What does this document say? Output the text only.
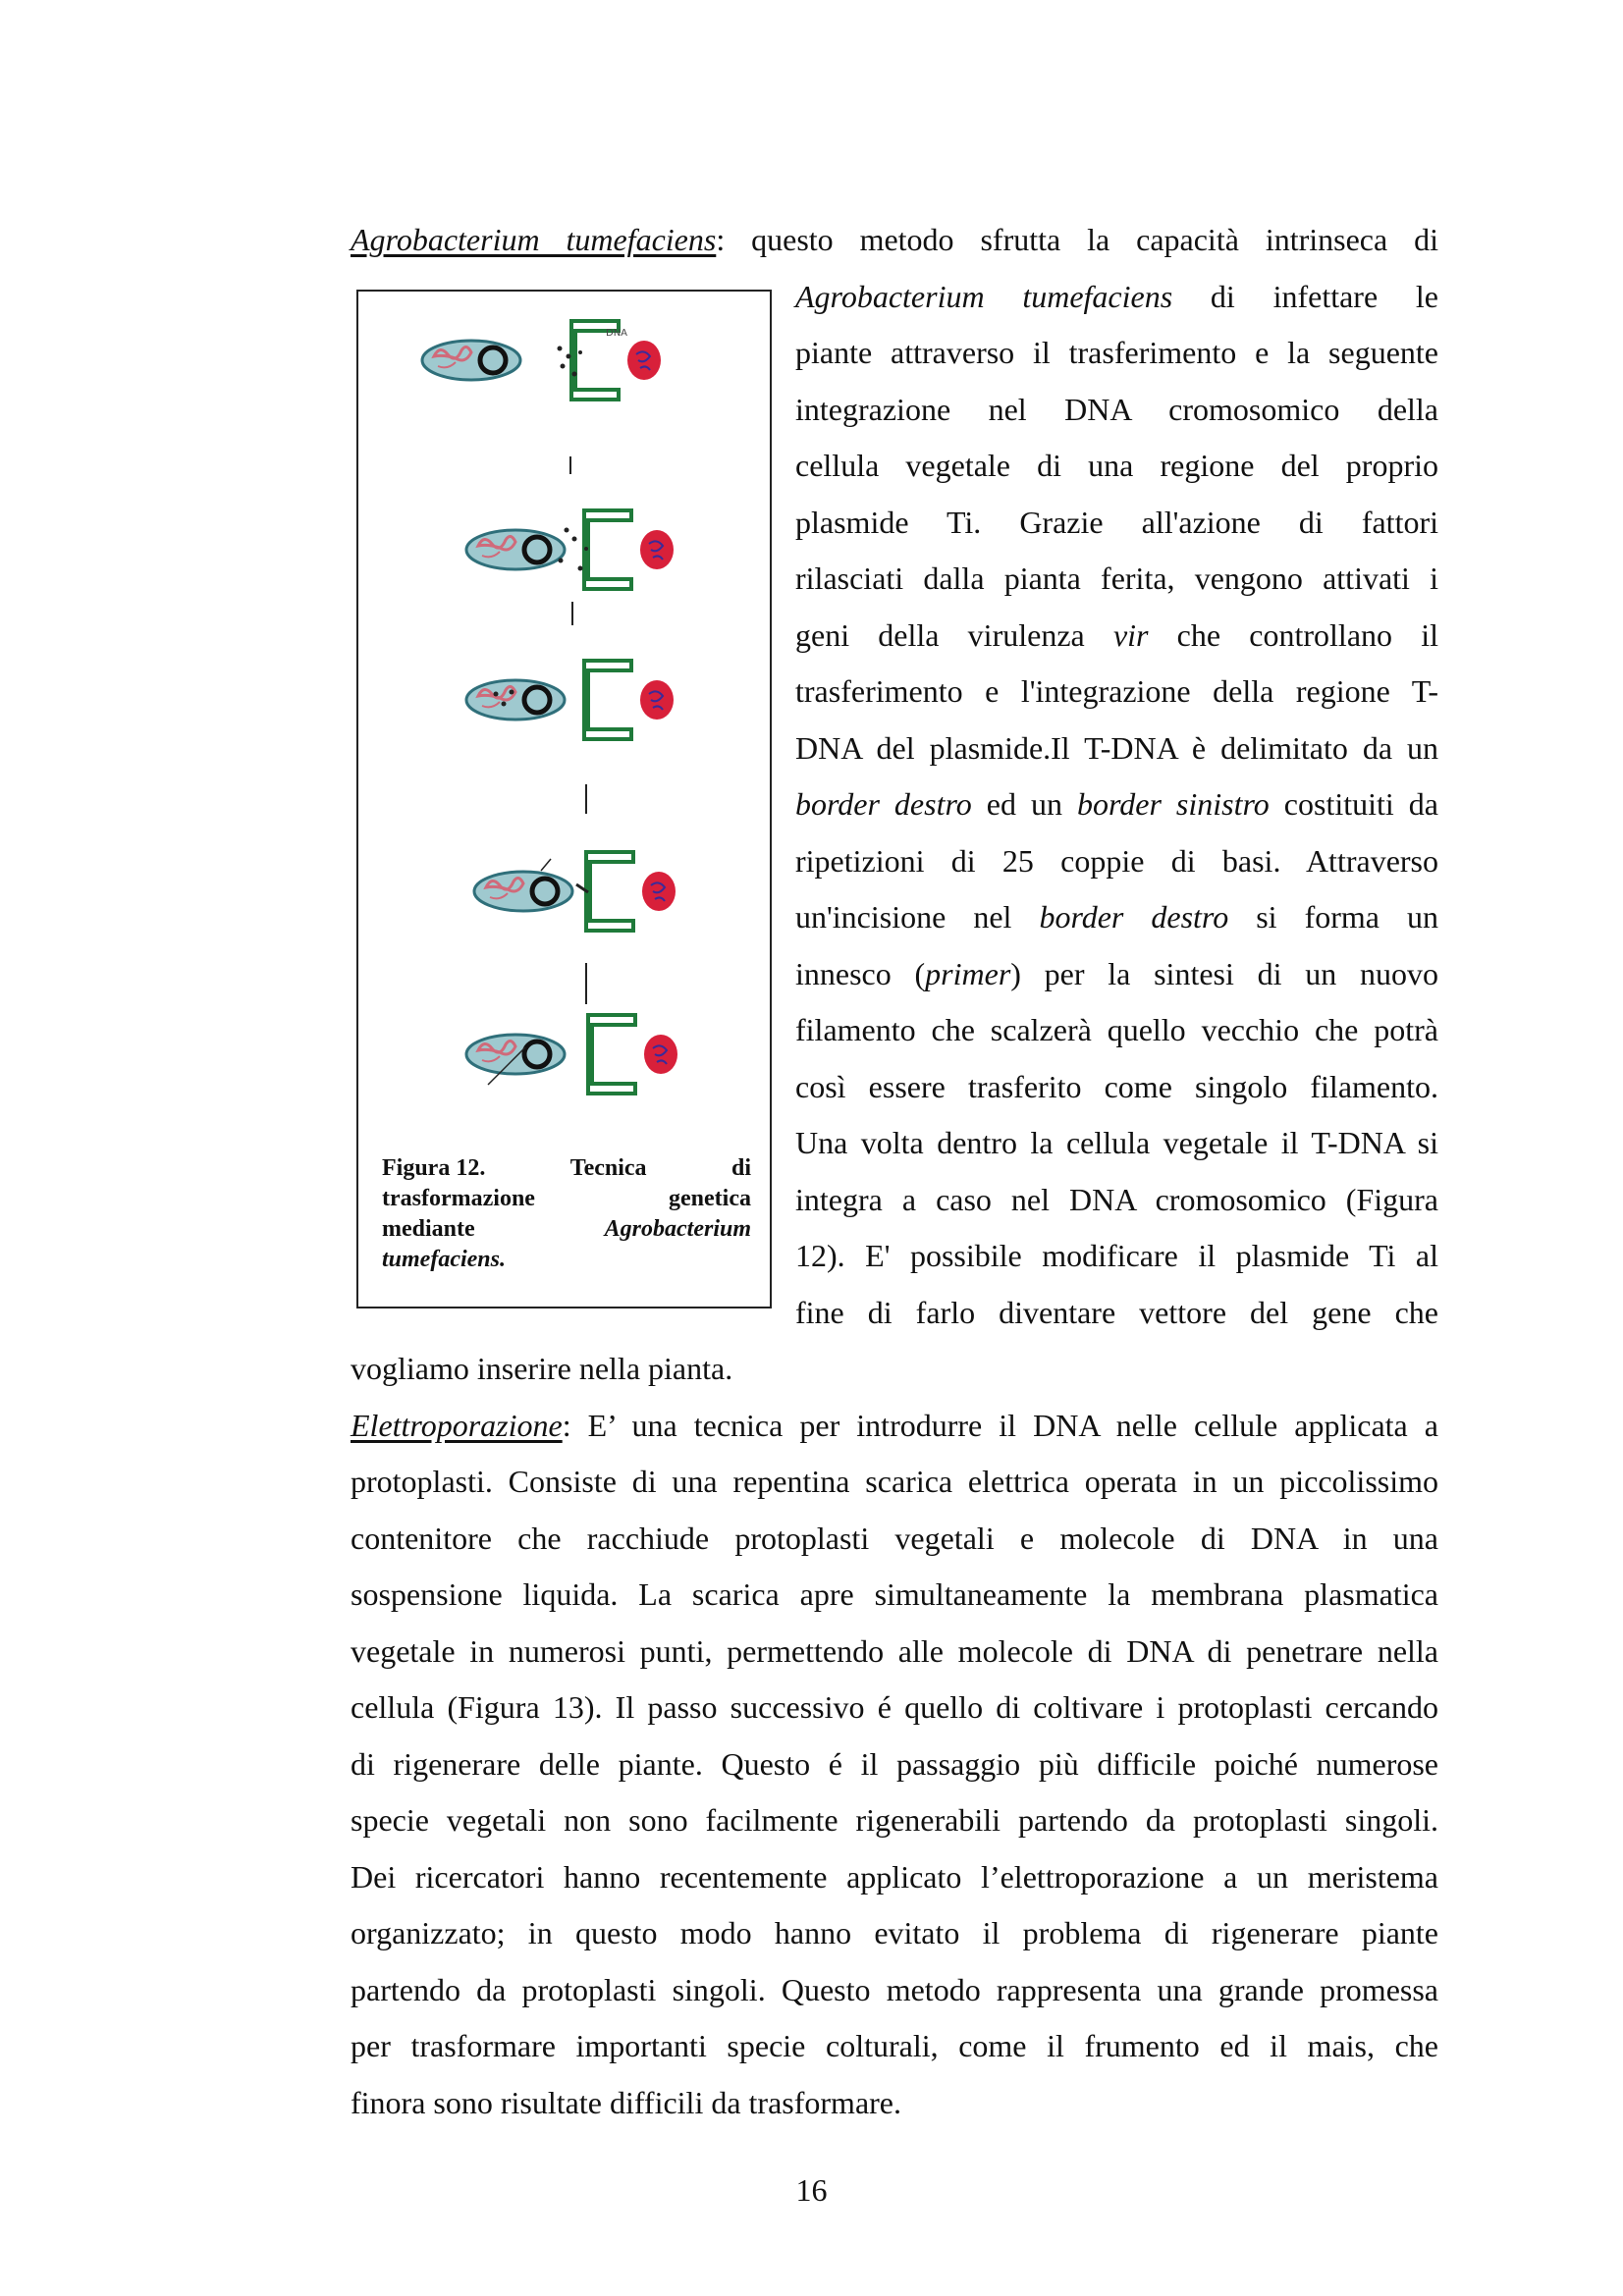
Agrobacterium tumefaciens: questo metodo sfrutta la capacità intrinseca di
Agrobacterium tumefaciens di infettare le
piante attraverso il trasferimento e la seguente
integrazione nel DNA cromosomico della
cellula vegetale di una regione del proprio
plasmide Ti. Grazie all'azione di fattori
rilasciati dalla pianta ferita, vengono attivati i
geni della virulenza vir che controllano il
trasferimento e l'integrazione della regione T-
DNA del plasmide.Il T-DNA è delimitato da un
border destro ed un border sinistro costituiti da
ripetizioni di 25 coppie di basi. Attraverso
un'incisione nel border destro si forma un
innesco (primer) per la sintesi di un nuovo
filamento che scalzerà quello vecchio che potrà
così essere trasferito come singolo filamento.
Una volta dentro la cellula vegetale il T-DNA si
integra a caso nel DNA cromosomico (Figura
12). E' possibile modificare il plasmide Ti al
fine di farlo diventare vettore del gene che
vogliamo inserire nella pianta.
Elettroporazione: E’ una tecnica per introdurre il DNA nelle cellule applicata a
protoplasti. Consiste di una repentina scarica elettrica operata in un piccolissimo
contenitore che racchiude protoplasti vegetali e molecole di DNA in una
sospensione liquida. La scarica apre simultaneamente la membrana plasmatica
vegetale in numerosi punti, permettendo alle molecole di DNA di penetrare nella
cellula (Figura 13). Il passo successivo é quello di coltivare i protoplasti cercando
di rigenerare delle piante. Questo é il passaggio più difficile poiché numerose
specie vegetali non sono facilmente rigenerabili partendo da protoplasti singoli.
Dei ricercatori hanno recentemente applicato l’elettroporazione a un meristema
organizzato; in questo modo hanno evitato il problema di rigenerare piante
partendo da protoplasti singoli. Questo metodo rappresenta una grande promessa
per trasformare importanti specie colturali, come il frumento ed il mais, che
finora sono risultate difficili da trasformare.
DNA
Figura 12.	Tecnica	di
trasformazione	genetica
mediante	Agrobacterium
tumefaciens.
16
